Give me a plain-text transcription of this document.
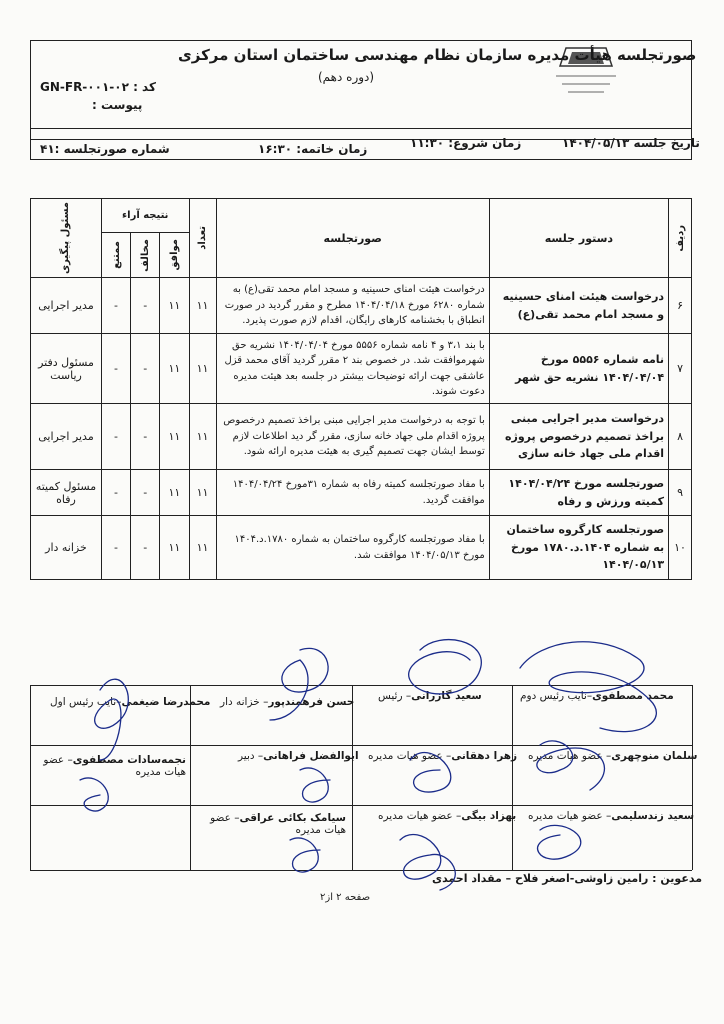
صورتجلسه هیأت مدیره سازمان نظام مهندسی ساختمان استان مرکزی
(دوره دهم)
کد : GN-FR-۰۰۱-۰۲
پیوست :
تاریخ جلسه ۱۴۰۴/۰۵/۱۳
زمان شروع: ۱۱:۳۰
زمان خاتمه: ۱۶:۳۰
شماره صورتجلسه :۴۱
ردیف	دستور جلسه	صورتجلسه	تعداد	نتیجه آراء			مسئول پیگیری

				موافق	مخالف	ممتنع	

۶	درخواست هیئت امنای حسینیه و مسجد امام محمد تقی(ع)	درخواست هیئت امنای حسینیه و مسجد امام محمد تقی(ع) به شماره ۶۲۸۰ مورخ ۱۴۰۴/۰۴/۱۸ مطرح و مقرر گردید در صورت انطباق با بخشنامه کارهای رایگان، اقدام لازم صورت پذیرد.	۱۱	۱۱	-	-	مدیر اجرایی
۷	نامه شماره ۵۵۵۶ مورخ ۱۴۰۴/۰۴/۰۴ نشریه حق شهر	با بند ۳،۱ و ۴ نامه شماره ۵۵۵۶ مورخ ۱۴۰۴/۰۴/۰۴ نشریه حق شهرموافقت شد. در خصوص بند ۲ مقرر گردید آقای محمد قزل عاشقی جهت ارائه توضیحات بیشتر در جلسه بعد هیئت مدیره دعوت شوند.	۱۱	۱۱	-	-	مسئول دفتر ریاست
۸	درخواست مدیر اجرایی مبنی براخذ تصمیم درخصوص پروژه اقدام ملی جهاد خانه سازی	با توجه به درخواست مدیر اجرایی مبنی براخذ تصمیم درخصوص پروژه اقدام ملی جهاد خانه سازی، مقرر گر دید اطلاعات لازم توسط ایشان جهت تصمیم گیری به هیئت مدیره ارائه شود.	۱۱	۱۱	-	-	مدیر اجرایی
۹	صورتجلسه مورخ ۱۴۰۴/۰۴/۲۴ کمیته ورزش و رفاه	با مفاد صورتجلسه کمیته رفاه به شماره ۳۱مورخ ۱۴۰۴/۰۴/۲۴ موافقت گردید.	۱۱	۱۱	-	-	مسئول کمیته رفاه
۱۰	صورتجلسه کارگروه ساختمان به شماره ۱۴۰۴.د.۱۷۸۰ مورخ ۱۴۰۴/۰۵/۱۳	با مفاد صورتجلسه کارگروه ساختمان به شماره ۱۷۸۰.د.۱۴۰۴ مورخ ۱۴۰۴/۰۵/۱۳ موافقت شد.	۱۱	۱۱	-	-	خزانه دار
محمد مصطفوی–نایب رئیس دوم
سعید گازرانی– رئیس
حسن فرهمندپور– خزانه دار
محمدرضا ضیغمی–نایب رئیس اول
سلمان منوچهری– عضو هیات مدیره
زهرا دهقانی– عضو هیات مدیره
ابوالفضل فراهانی– دبیر
نجمه‌سادات مصطفوی– عضو هیات مدیره
سعید زندسلیمی– عضو هیات مدیره
بهزاد بیگی– عضو هیات مدیره
سیامک بکائی عراقی– عضو هیات مدیره
مدعوین : رامین زاوشی-اصغر فلاح – مقداد احمدی
صفحه ۲ از۲
